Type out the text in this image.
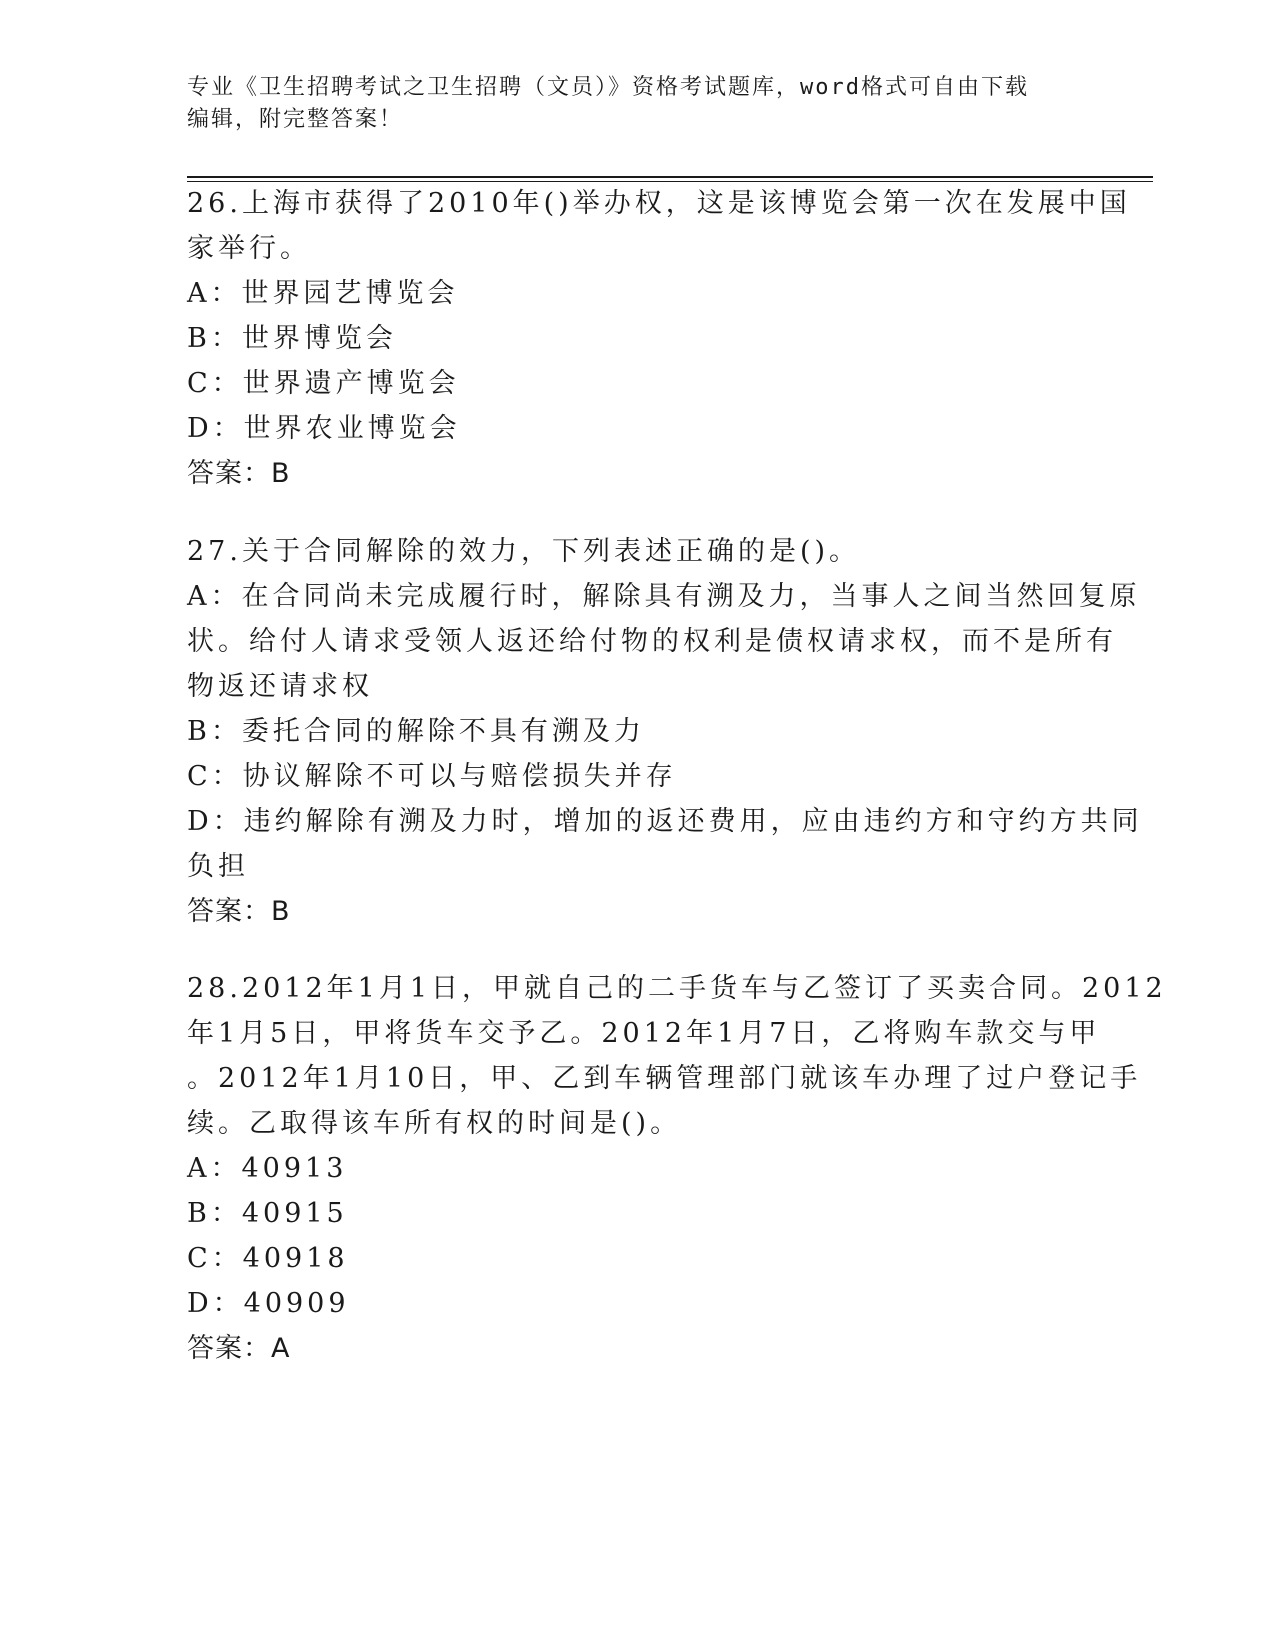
专业《卫生招聘考试之卫生招聘（文员）》资格考试题库，word格式可自由下载
编辑，附完整答案！
26.上海市获得了2010年()举办权，这是该博览会第一次在发展中国
家举行。
A：世界园艺博览会
B：世界博览会
C：世界遗产博览会
D：世界农业博览会
答案：B
27.关于合同解除的效力，下列表述正确的是()。
A：在合同尚未完成履行时，解除具有溯及力，当事人之间当然回复原
状。给付人请求受领人返还给付物的权利是债权请求权，而不是所有
物返还请求权
B：委托合同的解除不具有溯及力
C：协议解除不可以与赔偿损失并存
D：违约解除有溯及力时，增加的返还费用，应由违约方和守约方共同
负担
答案：B
28.2012年1月1日，甲就自己的二手货车与乙签订了买卖合同。2012
年1月5日，甲将货车交予乙。2012年1月7日，乙将购车款交与甲
。2012年1月10日，甲、乙到车辆管理部门就该车办理了过户登记手
续。乙取得该车所有权的时间是()。
A：40913
B：40915
C：40918
D：40909
答案：A
